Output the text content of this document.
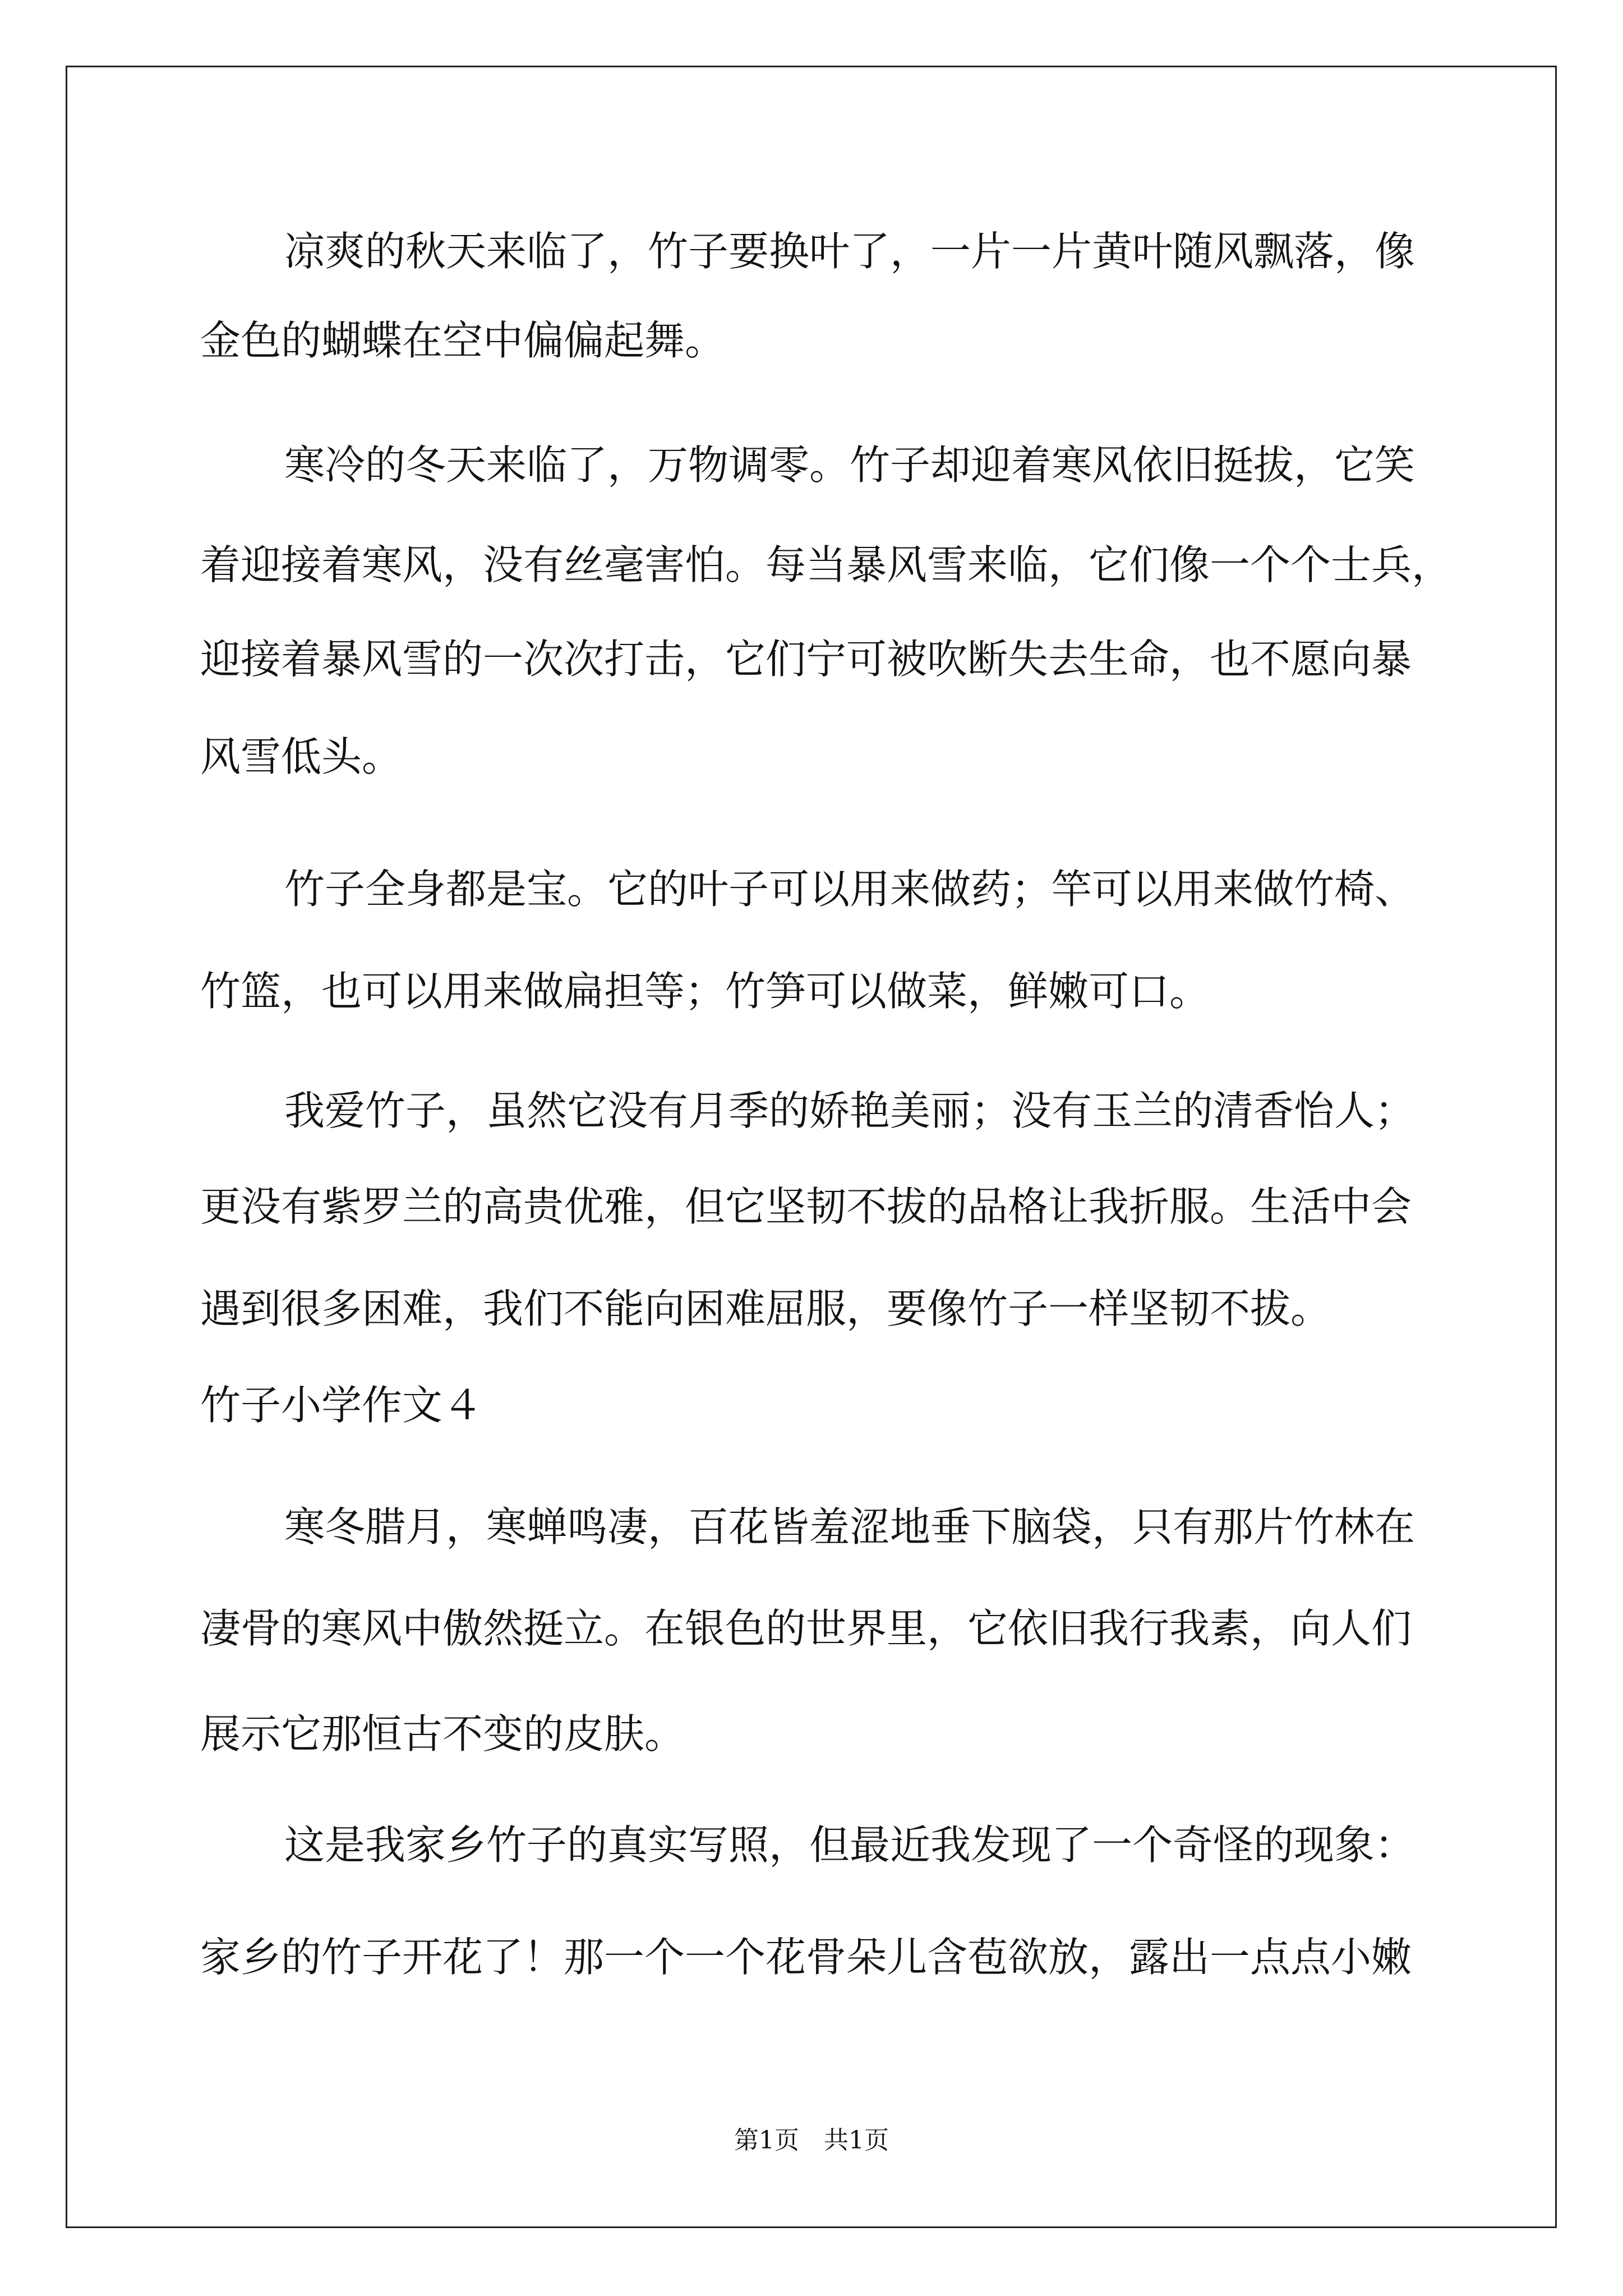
凉爽的秋天来临了，竹子要换叶了，一片一片黄叶随风飘落，像
金色的蝴蝶在空中偏偏起舞。
寒冷的冬天来临了，万物调零。竹子却迎着寒风依旧挺拔，它笑
着迎接着寒风，没有丝毫害怕。每当暴风雪来临，它们像一个个士兵，
迎接着暴风雪的一次次打击，它们宁可被吹断失去生命，也不愿向暴
风雪低头。
竹子全身都是宝。它的叶子可以用来做药；竿可以用来做竹椅、
竹篮，也可以用来做扁担等；竹笋可以做菜，鲜嫩可口。
我爱竹子，虽然它没有月季的娇艳美丽；没有玉兰的清香怡人；
更没有紫罗兰的高贵优雅，但它坚韧不拔的品格让我折服。生活中会
遇到很多困难，我们不能向困难屈服，要像竹子一样坚韧不拔。
竹子小学作文４
寒冬腊月，寒蝉鸣凄，百花皆羞涩地垂下脑袋，只有那片竹林在
凄骨的寒风中傲然挺立。在银色的世界里，它依旧我行我素，向人们
展示它那恒古不变的皮肤。
这是我家乡竹子的真实写照，但最近我发现了一个奇怪的现象：
家乡的竹子开花了！那一个一个花骨朵儿含苞欲放，露出一点点小嫩
第1页　共1页
